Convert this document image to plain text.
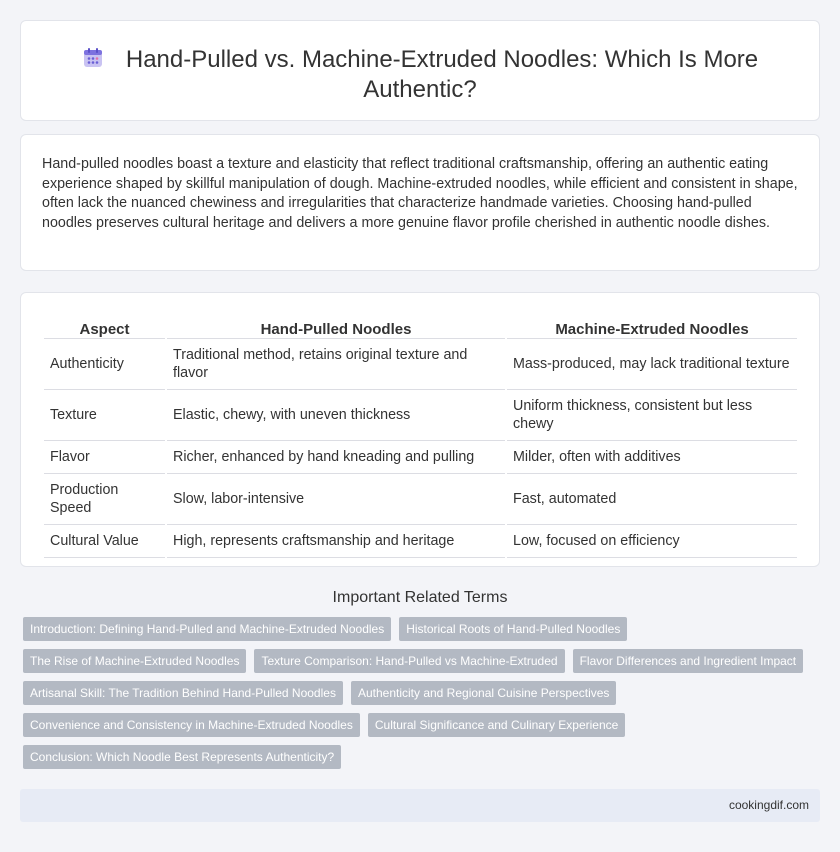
Hand-Pulled vs. Machine-Extruded Noodles: Which Is More Authentic?

Hand-pulled noodles boast a texture and elasticity that reflect traditional craftsmanship, offering an authentic eating experience shaped by skillful manipulation of dough. Machine-extruded noodles, while efficient and consistent in shape, often lack the nuanced chewiness and irregularities that characterize handmade varieties. Choosing hand-pulled noodles preserves cultural heritage and delivers a more genuine flavor profile cherished in authentic noodle dishes.

Aspect	Hand-Pulled Noodles	Machine-Extruded Noodles
Authenticity	Traditional method, retains original texture and flavor	Mass-produced, may lack traditional texture
Texture	Elastic, chewy, with uneven thickness	Uniform thickness, consistent but less chewy
Flavor	Richer, enhanced by hand kneading and pulling	Milder, often with additives
Production Speed	Slow, labor-intensive	Fast, automated
Cultural Value	High, represents craftsmanship and heritage	Low, focused on efficiency
Important Related Terms
Introduction: Defining Hand-Pulled and Machine-Extruded Noodles Historical Roots of Hand-Pulled Noodles
The Rise of Machine-Extruded Noodles Texture Comparison: Hand-Pulled vs Machine-Extruded Flavor Differences and Ingredient Impact
Artisanal Skill: The Tradition Behind Hand-Pulled Noodles Authenticity and Regional Cuisine Perspectives
Convenience and Consistency in Machine-Extruded Noodles Cultural Significance and Culinary Experience
Conclusion: Which Noodle Best Represents Authenticity?
cookingdif.com
